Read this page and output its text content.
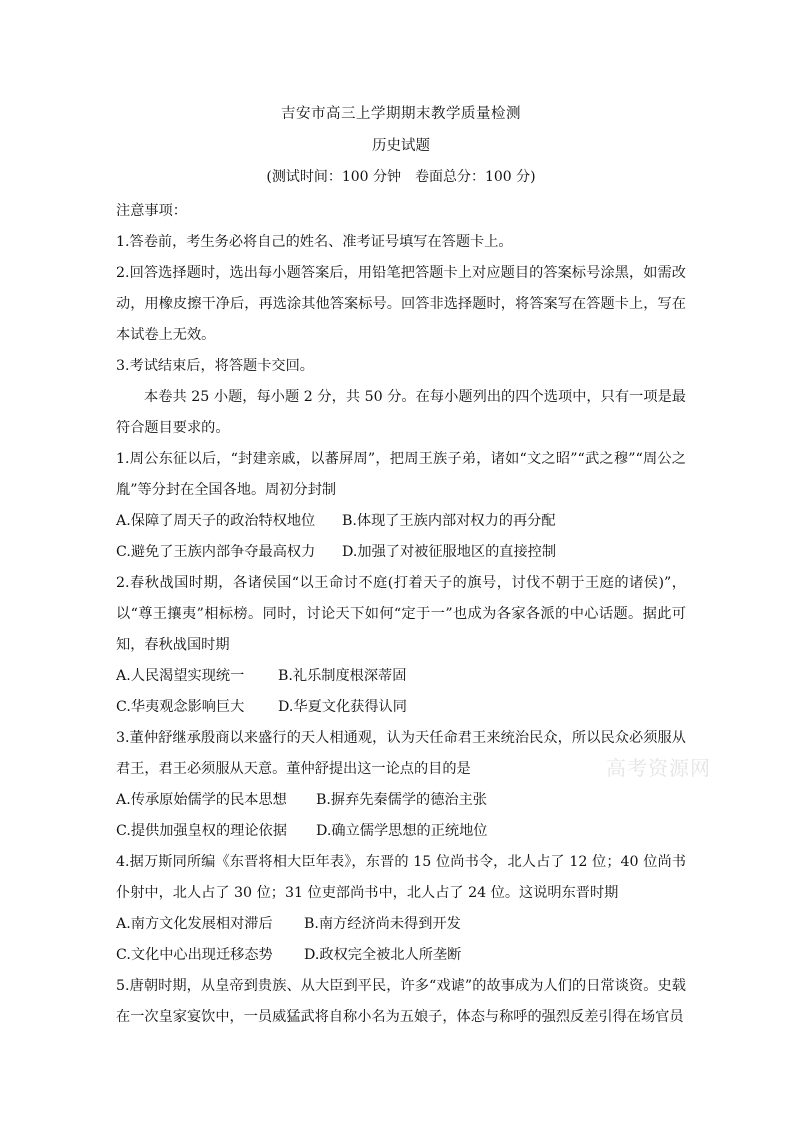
吉安市高三上学期期末教学质量检测
历史试题
(测试时间：100 分钟　卷面总分：100 分)

注意事项：

1.答卷前，考生务必将自己的姓名、准考证号填写在答题卡上。

2.回答选择题时，选出每小题答案后，用铅笔把答题卡上对应题目的答案标号涂黑，如需改动，用橡皮擦干净后，再选涂其他答案标号。回答非选择题时，将答案写在答题卡上，写在本试卷上无效。

3.考试结束后，将答题卡交回。

本卷共 25 小题，每小题 2 分，共 50 分。在每小题列出的四个选项中，只有一项是最符合题目要求的。

1.周公东征以后，“封建亲戚，以蕃屏周”，把周王族子弟，诸如“文之昭”“武之穆”“周公之胤”等分封在全国各地。周初分封制

A.保障了周天子的政治特权地位	B.体现了王族内部对权力的再分配
C.避免了王族内部争夺最高权力	D.加强了对被征服地区的直接控制

2.春秋战国时期，各诸侯国“以王命讨不庭(打着天子的旗号，讨伐不朝于王庭的诸侯)”，以“尊王攘夷”相标榜。同时，讨论天下如何“定于一”也成为各家各派的中心话题。据此可知，春秋战国时期

A.人民渴望实现统一	B.礼乐制度根深蒂固
C.华夷观念影响巨大	D.华夏文化获得认同

3.董仲舒继承殷商以来盛行的天人相通观，认为天任命君王来统治民众，所以民众必须服从君王，君王必须服从天意。董仲舒提出这一论点的目的是

A.传承原始儒学的民本思想	B.摒弃先秦儒学的德治主张
C.提供加强皇权的理论依据	D.确立儒学思想的正统地位

4.据万斯同所编《东晋将相大臣年表》，东晋的 15 位尚书令，北人占了 12 位；40 位尚书仆射中，北人占了 30 位；31 位吏部尚书中，北人占了 24 位。这说明东晋时期

A.南方文化发展相对滞后	B.南方经济尚未得到开发
C.文化中心出现迁移态势	D.政权完全被北人所垄断

5.唐朝时期，从皇帝到贵族、从大臣到平民，许多“戏谑”的故事成为人们的日常谈资。史载在一次皇家宴饮中，一员威猛武将自称小名为五娘子，体态与称呼的强烈反差引得在场官员

高考资源网
